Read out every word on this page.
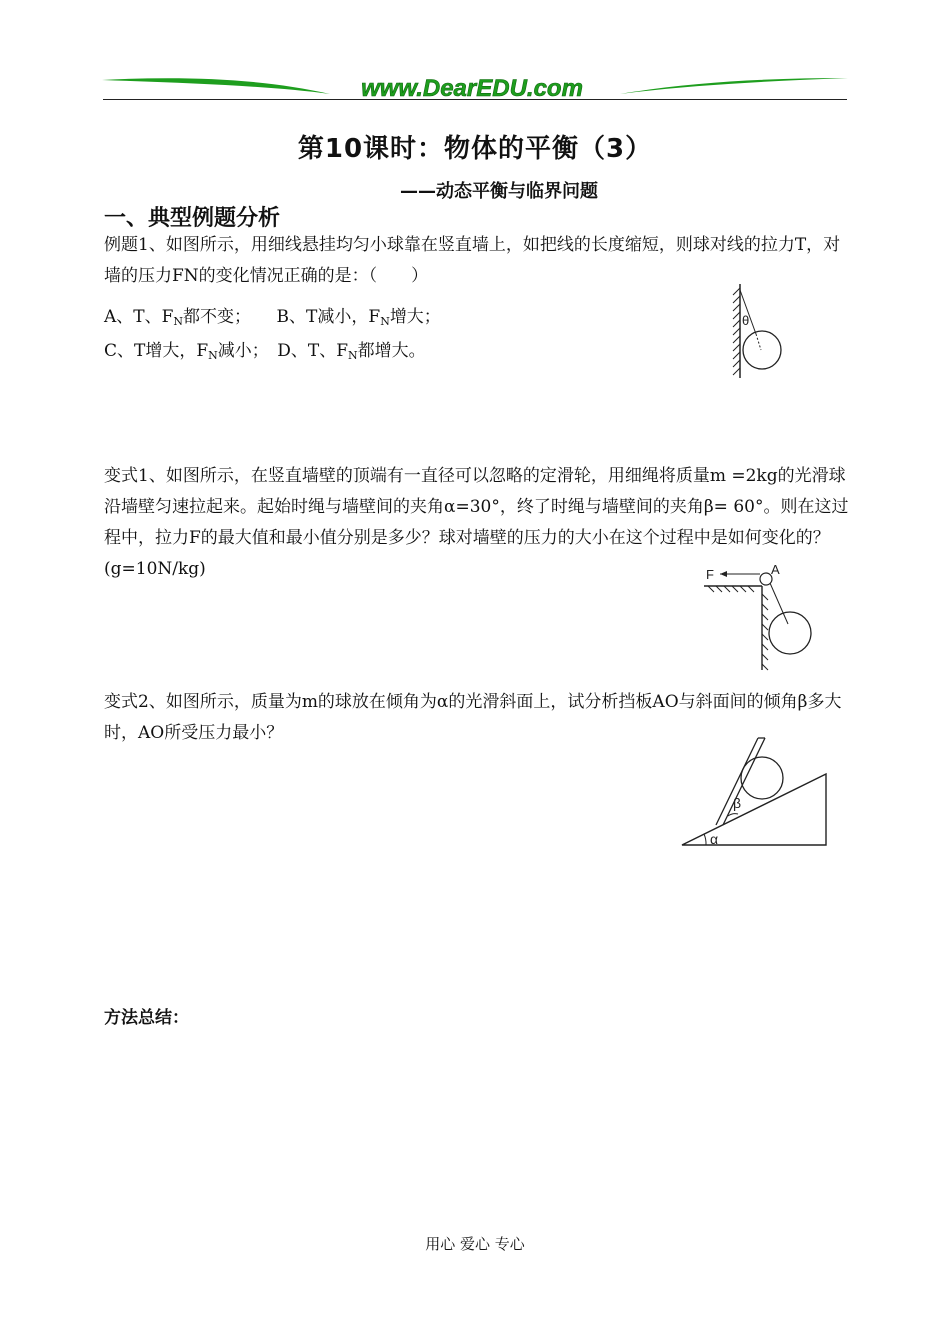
www.DearEDU.com
第10课时：物体的平衡（3）
——动态平衡与临界问题
一、典型例题分析
例题1、如图所示，用细线悬挂均匀小球靠在竖直墙上，如把线的长度缩短，则球对线的拉力T，对墙的压力FN的变化情况正确的是：（　　）
A、T、$F_N$都不变；   B、T减小，$F_N$增大；
C、T增大，$F_N$减小；  D、T、$F_N$都增大。
θ
变式1、如图所示，在竖直墙壁的顶端有一直径可以忽略的定滑轮，用细绳将质量m =2kg的光滑球沿墙壁匀速拉起来。起始时绳与墙壁间的夹角α=30°，终了时绳与墙壁间的夹角β= 60°。则在这过程中，拉力F的最大值和最小值分别是多少？球对墙壁的压力的大小在这个过程中是如何变化的？(g=10N/kg)	F	A
变式2、如图所示，质量为m的球放在倾角为α的光滑斜面上，试分析挡板AO与斜面间的倾角β多大时，AO所受压力最小？
β
α
方法总结：
用心 爱心 专心
